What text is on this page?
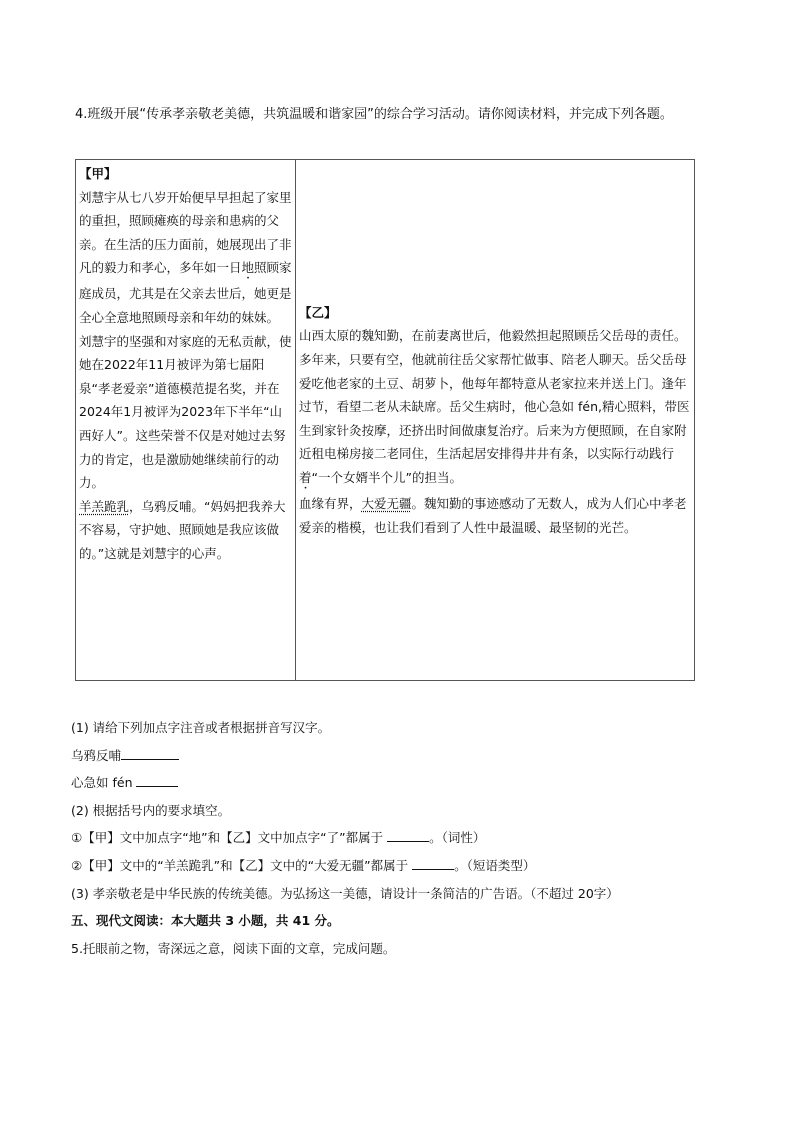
4.班级开展“传承孝亲敬老美德，共筑温暖和谐家园”的综合学习活动。请你阅读材料，并完成下列各题。

【甲】

刘慧宇从七八岁开始便早早担起了家里的重担，照顾瘫痪的母亲和患病的父亲。在生活的压力面前，她展现出了非凡的毅力和孝心，多年如一日地照顾家庭成员，尤其是在父亲去世后，她更是全心全意地照顾母亲和年幼的妹妹。

刘慧宇的坚强和对家庭的无私贡献，使她在2022年11月被评为第七届阳泉“孝老爱亲”道德模范提名奖，并在2024年1月被评为2023年下半年“山西好人”。这些荣誉不仅是对她过去努力的肯定，也是激励她继续前行的动力。

羊羔跪乳，乌鸦反哺。“妈妈把我养大不容易，守护她、照顾她是我应该做的。”这就是刘慧宇的心声。

【乙】

山西太原的魏知勤，在前妻离世后，他毅然担起照顾岳父岳母的责任。多年来，只要有空，他就前往岳父家帮忙做事、陪老人聊天。岳父岳母爱吃他老家的土豆、胡萝卜，他每年都特意从老家拉来并送上门。逢年过节，看望二老从未缺席。岳父生病时，他心急如 fén,精心照料，带医生到家针灸按摩，还挤出时间做康复治疗。后来为方便照顾，在自家附近租电梯房接二老同住，生活起居安排得井井有条，以实际行动践行着“一个女婿半个儿”的担当。

血缘有界，大爱无疆。魏知勤的事迹感动了无数人，成为人们心中孝老爱亲的楷模，也让我们看到了人性中最温暖、最坚韧的光芒。

(1) 请给下列加点字注音或者根据拼音写汉字。

乌鸦反哺

心急如 fén

(2) 根据括号内的要求填空。

①【甲】文中加点字“地”和【乙】文中加点字“了”都属于	。（词性）

②【甲】文中的“羊羔跪乳”和【乙】文中的“大爱无疆”都属于	。（短语类型）

(3) 孝亲敬老是中华民族的传统美德。为弘扬这一美德，请设计一条简洁的广告语。（不超过 20字）

五、现代文阅读：本大题共 3 小题，共 41 分。

5.托眼前之物，寄深远之意，阅读下面的文章，完成问题。
